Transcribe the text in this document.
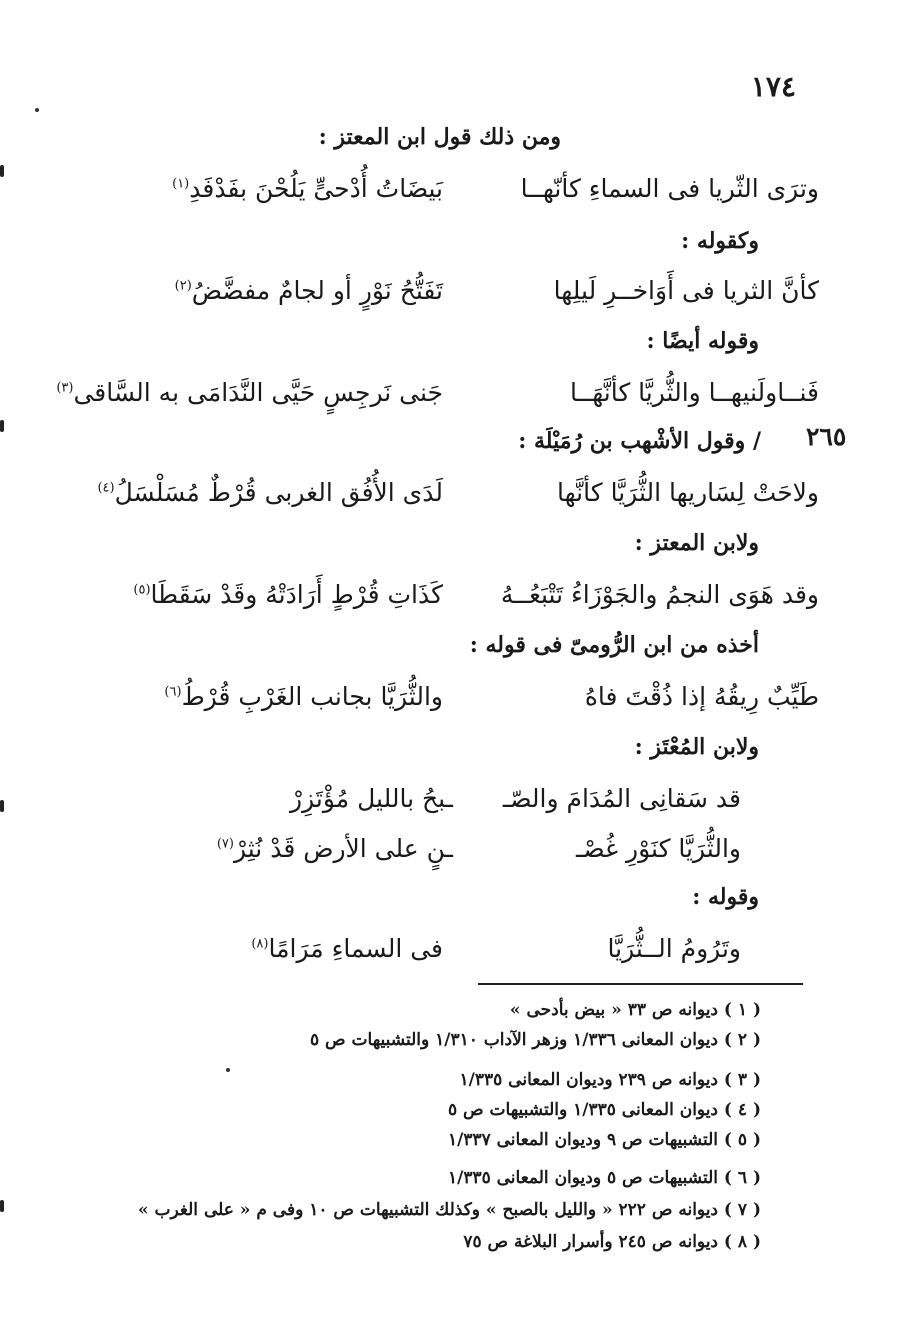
١٧٤
٢٦٥
ومن ذلك قول ابن المعتز :
وترَى الثّريا فى السماءِ كأنّهــا
بَيضَاتُ أُدْحىٍّ يَلُحْنَ بفَدْفَدِ$^{(١)}$
وكقوله :
كأنَّ الثريا فى أَوَاخــرِ لَيلِها
تَفَتُّحُ نَوْرٍ أو لجامٌ مفضَّضُ$^{(٢)}$
وقوله أيضًا :
فَنــاولَنيهــا والثُّريَّا كأنَّهَــا
جَنى نَرجِسٍ حَيَّى النَّدَامَى به السَّاقى$^{(٣)}$
/ وقول الأشْهب بن رُمَيْلَة :
ولاحَتْ لِسَاريها الثُّرَيَّا كأنَّها
لَدَى الأُفُق الغربى قُرْطٌ مُسَلْسَلُ$^{(٤)}$
ولابن المعتز :
وقد هَوَى النجمُ والجَوْزَاءُ تَتْبَعُــهُ
كَذَاتِ قُرْطٍ أَرَادَتْهُ وقَدْ سَقَطَا$^{(٥)}$
أخذه من ابن الرُّومىّ فى قوله :
طَيِّبٌ رِيقُهُ إذا ذُقْتَ فاهُ
والثُّرَيَّا بجانب الغَرْبِ قُرْطُ$^{(٦)}$
ولابن المُعْتَز :
قد سَقانِى المُدَامَ والصّـ
ـبحُ بالليل مُؤْتَزِرْ
والثُّرَيَّا كنَوْرِ غُصْـ
ـنٍ على الأرض قَدْ نُثِرْ$^{(٧)}$
وقوله :
وتَرُومُ الــثُّرَيَّا
فى السماءِ مَرَامًا$^{(٨)}$
( ١ ) ديوانه ص ٣٣ « بيض بأدحى »
( ٢ ) ديوان المعانى ١/٣٣٦ وزهر الآداب ١/٣١٠ والتشبيهات ص ٥
( ٣ ) ديوانه ص ٢٣٩ وديوان المعانى ١/٣٣٥
( ٤ ) ديوان المعانى ١/٣٣٥ والتشبيهات ص ٥
( ٥ ) التشبيهات ص ٩ وديوان المعانى ١/٣٣٧
( ٦ ) التشبيهات ص ٥ وديوان المعانى ١/٣٣٥
( ٧ ) ديوانه ص ٢٢٢ « والليل بالصبح » وكذلك التشبيهات ص ١٠ وفى م « على الغرب »
( ٨ ) ديوانه ص ٢٤٥ وأسرار البلاغة ص ٧٥
